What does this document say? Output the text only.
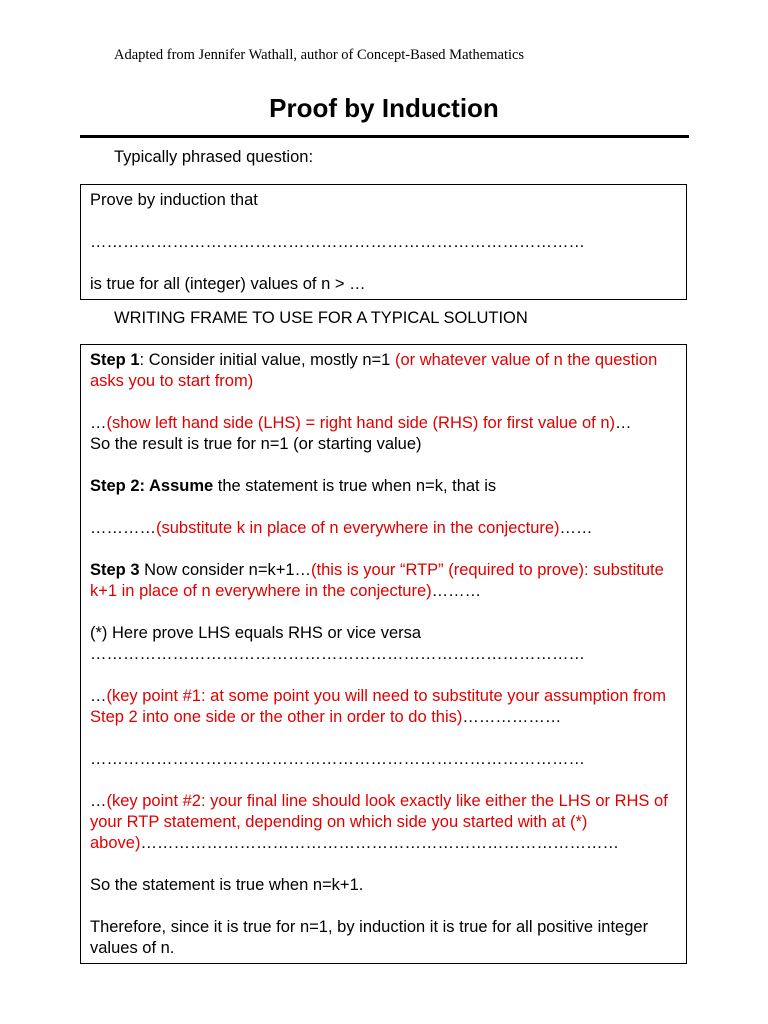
Adapted from Jennifer Wathall, author of Concept-Based Mathematics
Proof by Induction
Typically phrased question:

Prove by induction that

………………………………………………………………………………

is true for all (integer) values of n > …

WRITING FRAME TO USE FOR A TYPICAL SOLUTION

Step 1: Consider initial value, mostly n=1 (or whatever value of n the question asks you to start from)

…(show left hand side (LHS) = right hand side (RHS) for first value of n)…
So the result is true for n=1 (or starting value)

Step 2: Assume the statement is true when n=k, that is

…………(substitute k in place of n everywhere in the conjecture)……

Step 3 Now consider n=k+1…(this is your “RTP” (required to prove): substitute k+1 in place of n everywhere in the conjecture)………

(*) Here prove LHS equals RHS or vice versa
………………………………………………………………………………

…(key point #1: at some point you will need to substitute your assumption from Step 2 into one side or the other in order to do this)………………

………………………………………………………………………………

…(key point #2: your final line should look exactly like either the LHS or RHS of your RTP statement, depending on which side you started with at (*) above)……………………………………………………………………………

So the statement is true when n=k+1.

Therefore, since it is true for n=1, by induction it is true for all positive integer values of n.
